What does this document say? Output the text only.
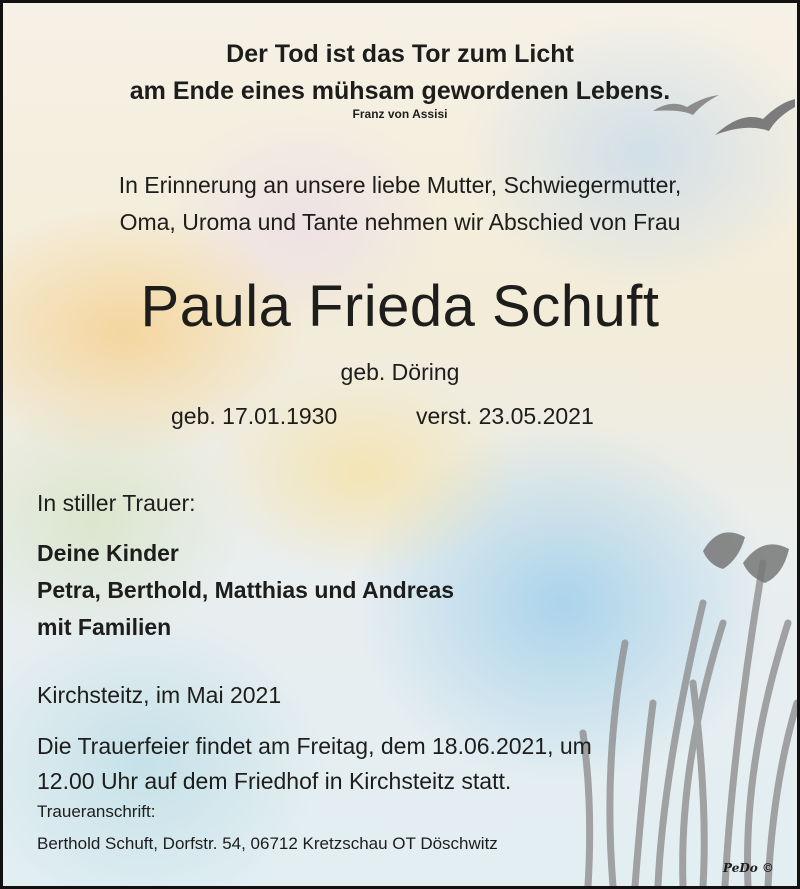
Der Tod ist das Tor zum Licht

am Ende eines mühsam gewordenen Lebens.

Franz von Assisi

In Erinnerung an unsere liebe Mutter, Schwiegermutter,

Oma, Uroma und Tante nehmen wir Abschied von Frau

Paula Frieda Schuft

geb. Döring

geb. 17.01.1930	verst. 23.05.2021

In stiller Trauer:

Deine Kinder

Petra, Berthold, Matthias und Andreas

mit Familien

Kirchsteitz, im Mai 2021

Die Trauerfeier findet am Freitag, dem 18.06.2021, um

12.00 Uhr auf dem Friedhof in Kirchsteitz statt.

Traueranschrift:

Berthold Schuft, Dorfstr. 54, 06712 Kretzschau OT Döschwitz

PeDo ©
